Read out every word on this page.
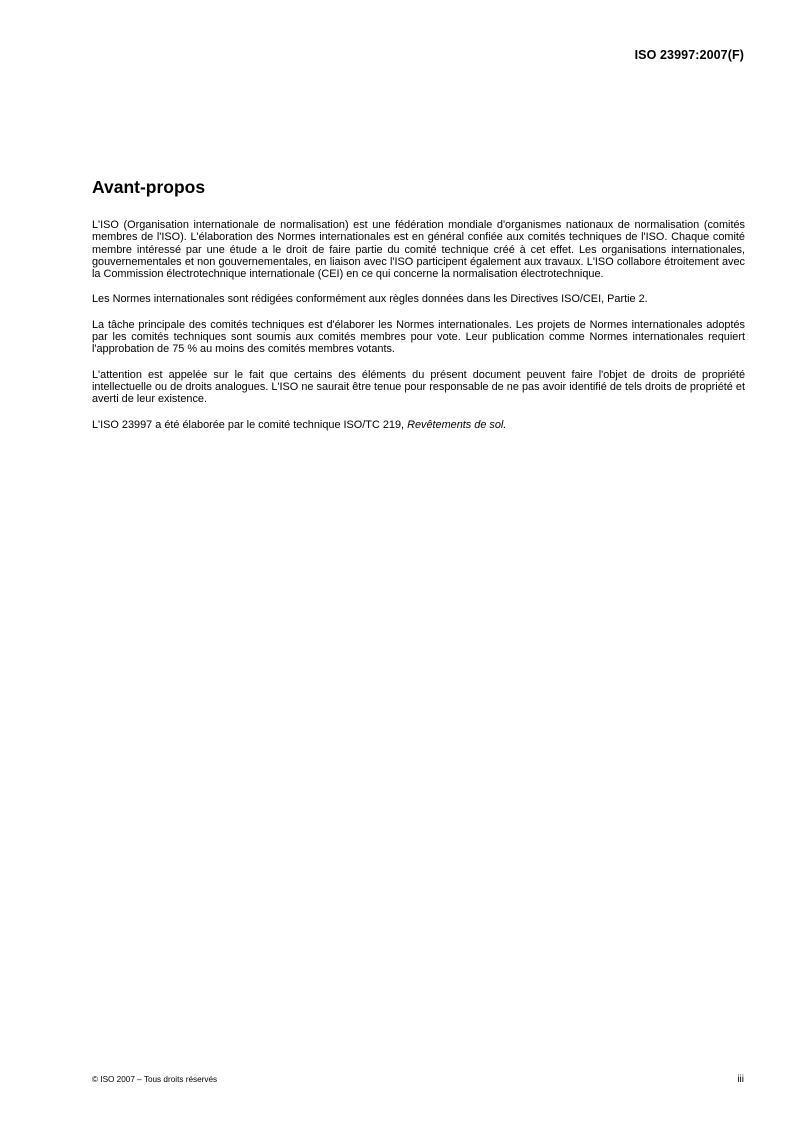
ISO 23997:2007(F)
Avant-propos

L'ISO (Organisation internationale de normalisation) est une fédération mondiale d'organismes nationaux de normalisation (comités membres de l'ISO). L'élaboration des Normes internationales est en général confiée aux comités techniques de l'ISO. Chaque comité membre intéressé par une étude a le droit de faire partie du comité technique créé à cet effet. Les organisations internationales, gouvernementales et non gouvernementales, en liaison avec l'ISO participent également aux travaux. L'ISO collabore étroitement avec la Commission électrotechnique internationale (CEI) en ce qui concerne la normalisation électrotechnique.

Les Normes internationales sont rédigées conformément aux règles données dans les Directives ISO/CEI, Partie 2.

La tâche principale des comités techniques est d'élaborer les Normes internationales. Les projets de Normes internationales adoptés par les comités techniques sont soumis aux comités membres pour vote. Leur publication comme Normes internationales requiert l'approbation de 75 % au moins des comités membres votants.

L'attention est appelée sur le fait que certains des éléments du présent document peuvent faire l'objet de droits de propriété intellectuelle ou de droits analogues. L'ISO ne saurait être tenue pour responsable de ne pas avoir identifié de tels droits de propriété et averti de leur existence.

L'ISO 23997 a été élaborée par le comité technique ISO/TC 219, Revêtements de sol.

© ISO 2007 – Tous droits réservés	iii
